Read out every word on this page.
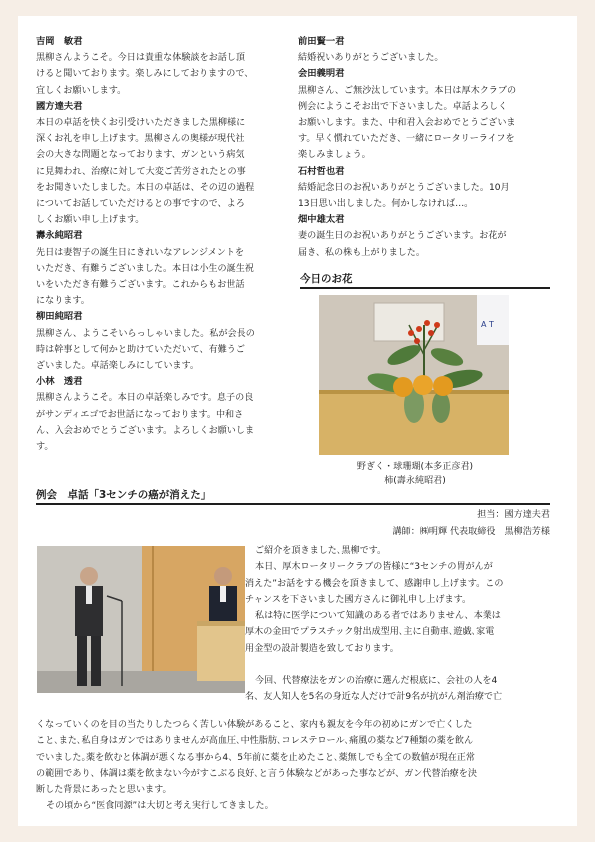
吉岡　敏君
黒柳さんようこそ。今日は貴重な体験談をお話し頂
けると聞いております。楽しみにしておりますので、
宜しくお願いします。
國方達夫君
本日の卓話を快くお引受けいただきました黒柳様に
深くお礼を申し上げます。黒柳さんの奥様が現代社
会の大きな問題となっております、ガンという病気
に見舞われ、治療に対して大変ご苦労されたとの事
をお聞きいたしました。本日の卓話は、その辺の過程
についてお話していただけるとの事ですので、よろ
しくお願い申し上げます。
壽永純昭君
先日は妻智子の誕生日にきれいなアレンジメントを
いただき、有難うございました。本日は小生の誕生祝
いをいただき有難うございます。これからもお世話
になります。
柳田純昭君
黒柳さん、ようこそいらっしゃいました。私が会長の
時は幹事として何かと助けていただいて、有難うご
ざいました。卓話楽しみにしています。
小林　透君
黒柳さんようこそ。本日の卓話楽しみです。息子の良
がサンディエゴでお世話になっております。中和さ
ん、入会おめでとうございます。よろしくお願いしま
す。
前田賢一君
結婚祝いありがとうございました。
会田義明君
黒柳さん、ご無沙汰しています。本日は厚木クラブの
例会にようこそお出で下さいました。卓話よろしく
お願いします。また、中和君入会おめでとうございま
す。早く慣れていただき、一緒にロータリーライフを
楽しみましょう。
石村哲也君
結婚記念日のお祝いありがとうございました。10月
13日思い出しました。何かしなければ…。
畑中雄太君
妻の誕生日のお祝いありがとうございます。お花が
届き、私の株も上がりました。
今日のお花
A T
野ぎく・球珊瑚(本多正彦君)
柿(壽永純昭君)
例会　卓話「3センチの癌が消えた」
担当：國方達夫君
講師：㈱明輝 代表取締役　黒柳浩芳様
ご紹介を頂きました､黒柳です。
本日、厚木ロータリークラブの皆様に“3センチの胃がんが
消えた”お話をする機会を頂きまして、感謝申し上げます。この
チャンスを下さいました國方さんに御礼申し上げます。
私は特に医学について知識のある者ではありません、本業は
厚木の金田でプラスチック射出成型用､主に自動車､遊戯､家電
用金型の設計製造を致しております。
今回、代替療法をガンの治療に選んだ根底に、会社の人を4
名、友人知人を5名の身近な人だけで計9名が抗がん剤治療で亡
くなっていくのを目の当たりしたつらく苦しい体験があること、家内も親友を今年の初めにガンで亡くした
こと､また､私自身はガンではありませんが高血圧､中性脂肪､コレステロール､痛風の薬など7種類の薬を飲ん
でいました｡薬を飲むと体調が悪くなる事から4、5年前に薬を止めたこと､薬無しでも全ての数値が現在正常
の範囲であり、体調は薬を飲まない今がすこぶる良好､と言う体験などがあった事などが、ガン代替治療を決
断した背景にあったと思います。
その頃から“医食同源”は大切と考え実行してきました。
